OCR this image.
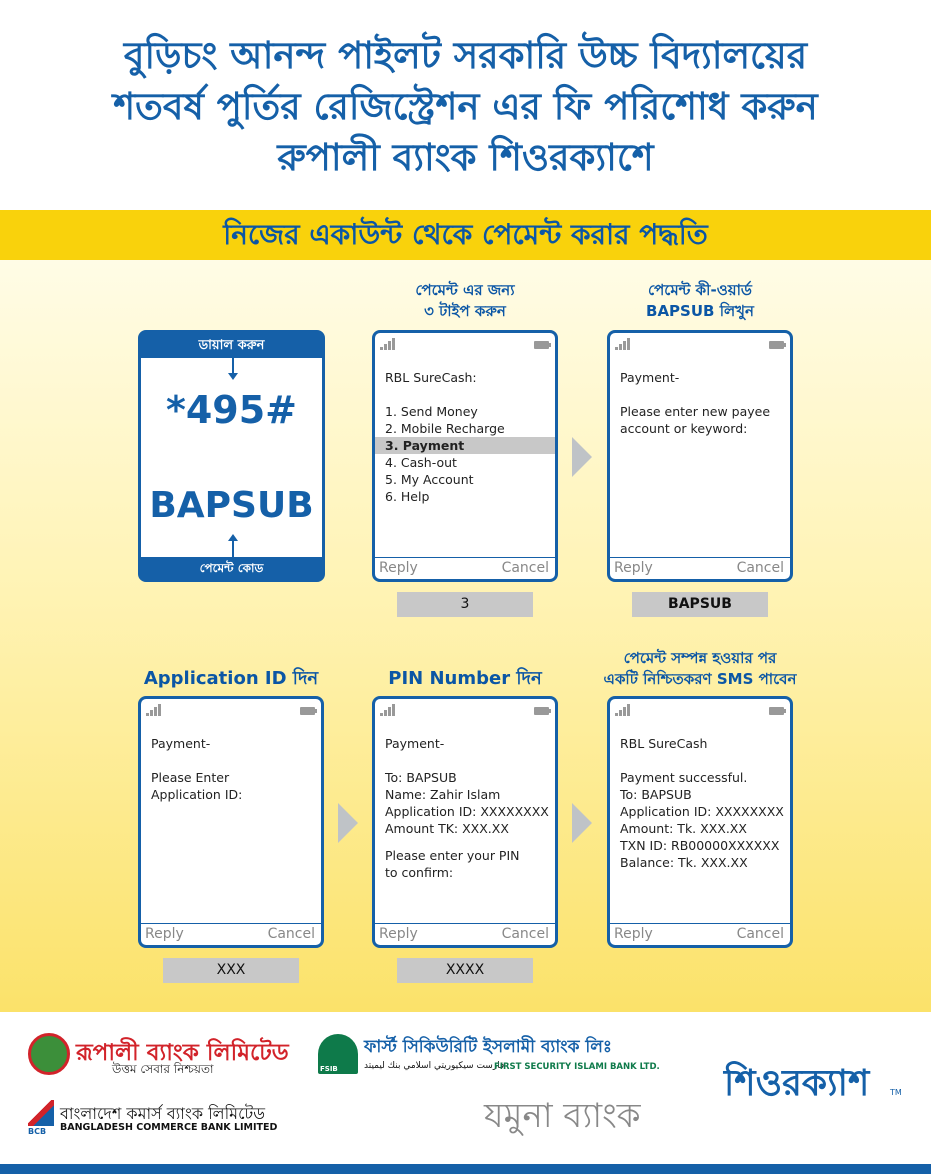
বুড়িচং আনন্দ পাইলট সরকারি উচ্চ বিদ্যালয়ের
শতবর্ষ পুর্তির রেজিস্ট্রেশন এর ফি পরিশোধ করুন
রুপালী ব্যাংক শিওরক্যাশে
নিজের একাউন্ট থেকে পেমেন্ট করার পদ্ধতি
ডায়াল করুন
*495#
BAPSUB
পেমেন্ট কোড
পেমেন্ট এর জন্য
৩ টাইপ করুন
RBL SureCash:
1. Send Money
2. Mobile Recharge
3. Payment
4. Cash-out
5. My Account
6. Help
Reply	Cancel
3
পেমেন্ট কী-ওয়ার্ড
BAPSUB লিখুন
Payment-
Please enter new payee
account or keyword:
Reply	Cancel
BAPSUB
Application ID দিন
Payment-
Please Enter
Application ID:
Reply	Cancel
XXX
PIN Number দিন
Payment-
To: BAPSUB
Name: Zahir Islam
Application ID: XXXXXXXX
Amount TK: XXX.XX
Please enter your PIN
to confirm:
Reply	Cancel
XXXX
পেমেন্ট সম্পন্ন হওয়ার পর
একটি নিশ্চিতকরণ SMS পাবেন
RBL SureCash
Payment successful.
To: BAPSUB
Application ID: XXXXXXXX
Amount: Tk. XXX.XX
TXN ID: RB00000XXXXXX
Balance: Tk. XXX.XX
Reply	Cancel
রূপালী ব্যাংক লিমিটেড
উত্তম সেবার নিশ্চয়তা
BCB
বাংলাদেশ কমার্স ব্যাংক লিমিটেড
BANGLADESH COMMERCE BANK LIMITED
FSIB
ফার্স্ট সিকিউরিটি ইসলামী ব্যাংক লিঃ
فارست سيكيوريتي اسلامي بنك ليميتد
FIRST SECURITY ISLAMI BANK LTD.
যমুনা ব্যাংক
শিওরক্যাশ	TM
